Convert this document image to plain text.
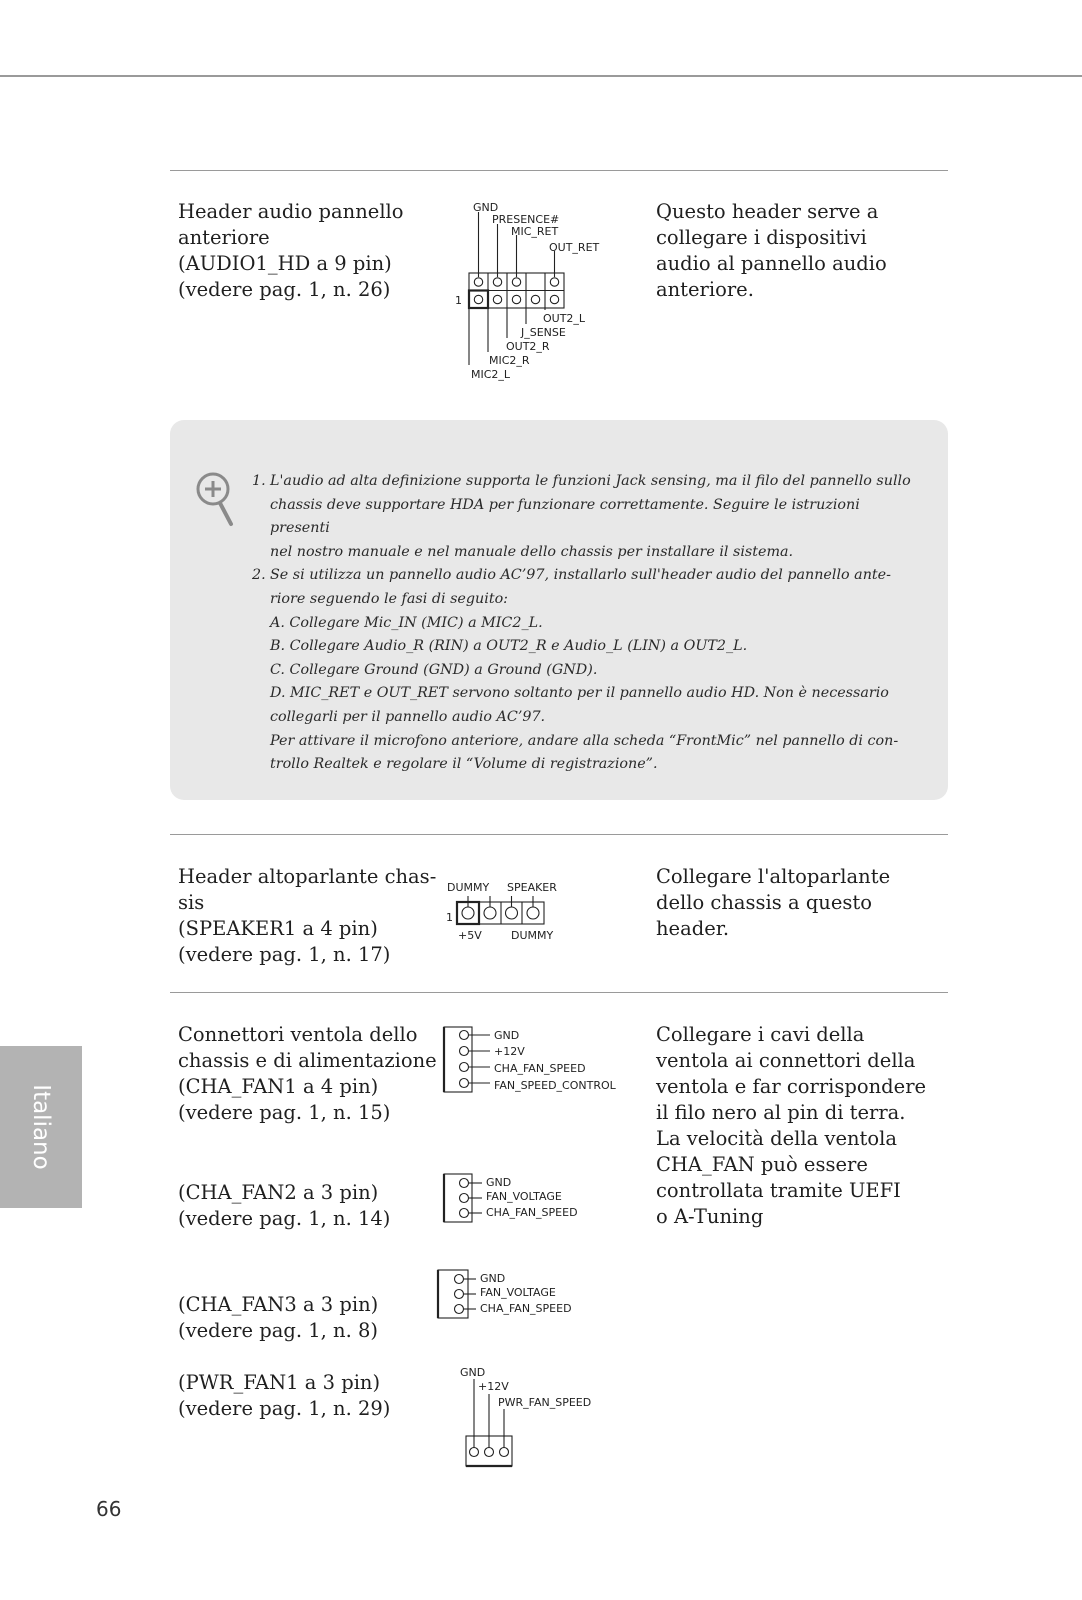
Header audio pannello
anteriore
(AUDIO1_HD a 9 pin)
(vedere pag. 1, n. 26)
GND
PRESENCE#
MIC_RET
OUT_RET
1
OUT2_L
J_SENSE
OUT2_R
MIC2_R
MIC2_L
Questo header serve a
collegare i dispositivi
audio al pannello audio
anteriore.
1. L'audio ad alta definizione supporta le funzioni Jack sensing, ma il filo del pannello sullo
chassis deve supportare HDA per funzionare correttamente. Seguire le istruzioni presenti
nel nostro manuale e nel manuale dello chassis per installare il sistema.
2. Se si utilizza un pannello audio AC’97, installarlo sull'header audio del pannello ante-
riore seguendo le fasi di seguito:
A. Collegare Mic_IN (MIC) a MIC2_L.
B. Collegare Audio_R (RIN) a OUT2_R e Audio_L (LIN) a OUT2_L.
C. Collegare Ground (GND) a Ground (GND).
D. MIC_RET e OUT_RET servono soltanto per il pannello audio HD. Non è necessario
collegarli per il pannello audio AC’97.
Per attivare il microfono anteriore, andare alla scheda “FrontMic” nel pannello di con-
trollo Realtek e regolare il “Volume di registrazione”.
Header altoparlante chas-
sis
(SPEAKER1 a 4 pin)
(vedere pag. 1, n. 17)
DUMMY SPEAKER
1
+5V	DUMMY
Collegare l'altoparlante
dello chassis a questo
header.
Connettori ventola dello
chassis e di alimentazione
(CHA_FAN1 a 4 pin)
(vedere pag. 1, n. 15)
GND
+12V
CHA_FAN_SPEED
FAN_SPEED_CONTROL
Collegare i cavi della
ventola ai connettori della
ventola e far corrispondere
il filo nero al pin di terra.
La velocità della ventola
CHA_FAN può essere
controllata tramite UEFI
o A-Tuning
(CHA_FAN2 a 3 pin)
(vedere pag. 1, n. 14)
GND
FAN_VOLTAGE
CHA_FAN_SPEED
(CHA_FAN3 a 3 pin)
(vedere pag. 1, n. 8)
GND
FAN_VOLTAGE
CHA_FAN_SPEED
(PWR_FAN1 a 3 pin)
(vedere pag. 1, n. 29)
GND
+12V
PWR_FAN_SPEED
Italiano
66
